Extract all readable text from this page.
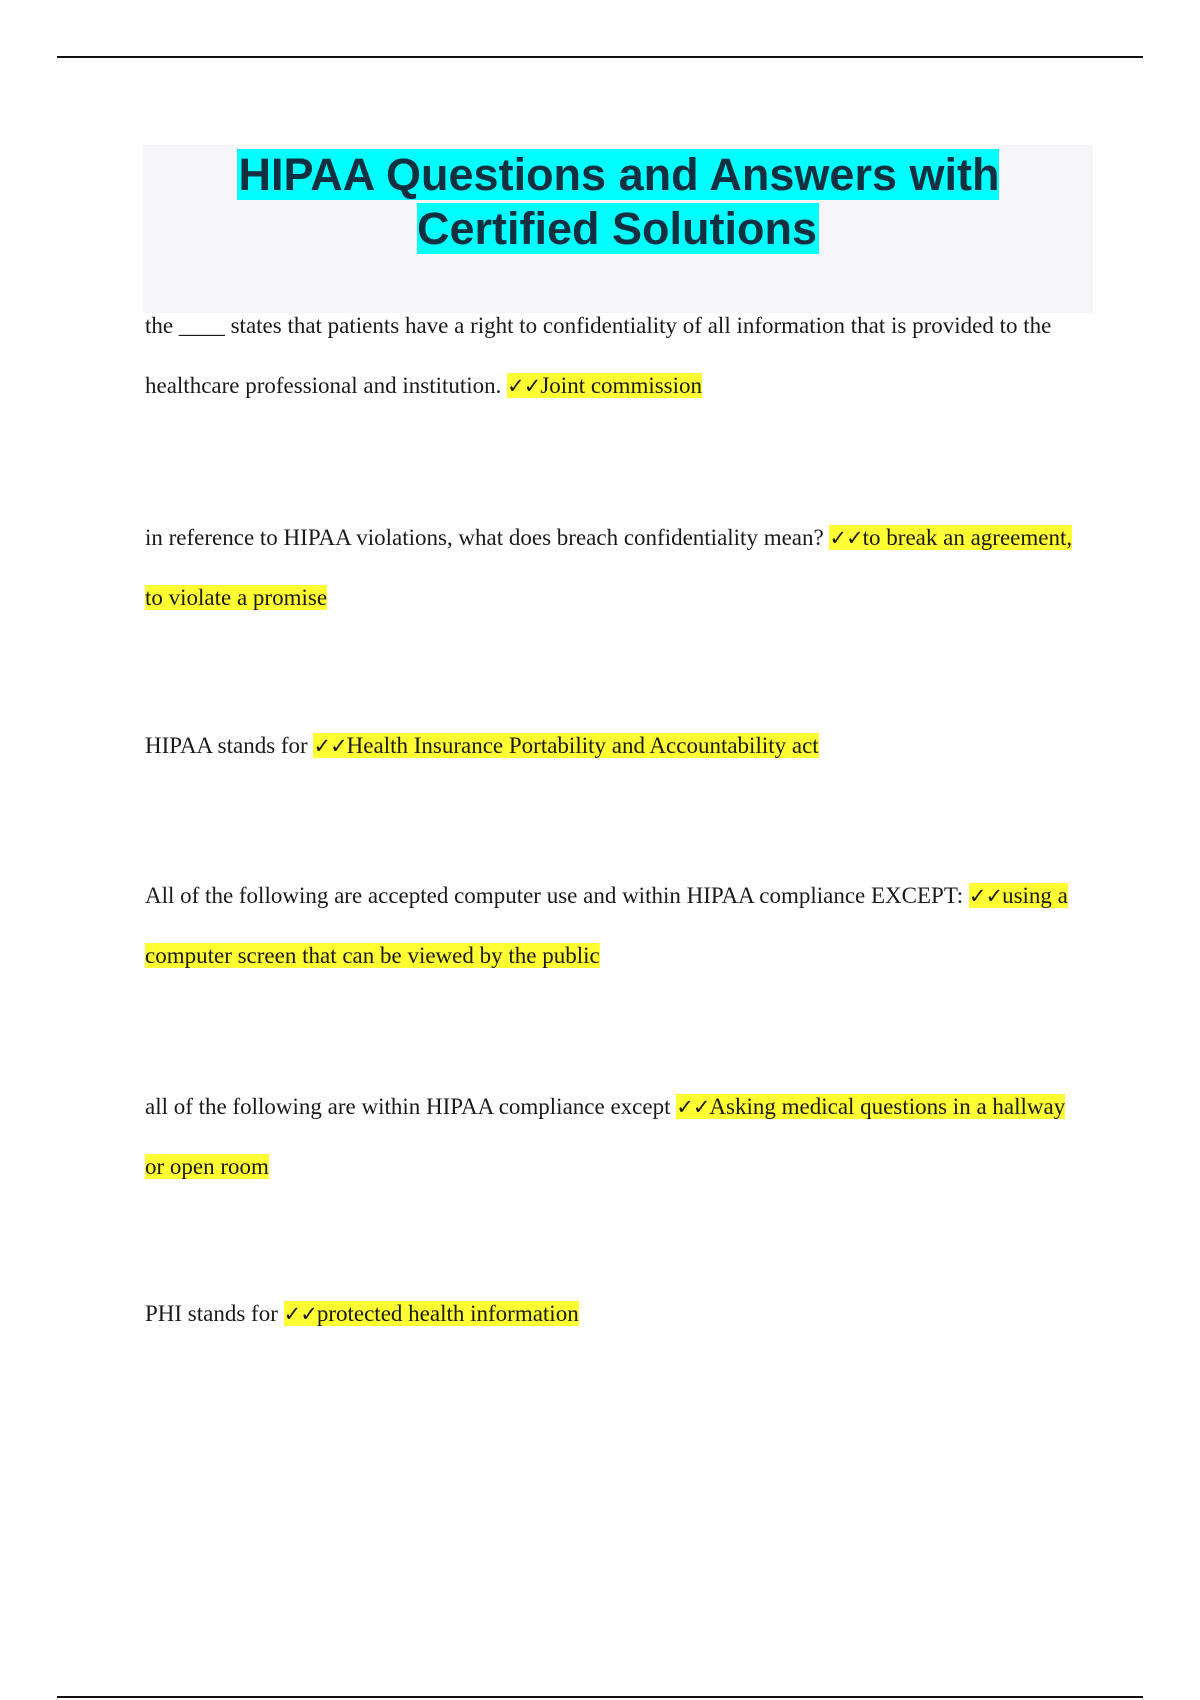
HIPAA Questions and Answers with Certified Solutions

the ____ states that patients have a right to confidentiality of all information that is provided to the healthcare professional and institution. ✓✓Joint commission

in reference to HIPAA violations, what does breach confidentiality mean? ✓✓to break an agreement, to violate a promise

HIPAA stands for ✓✓Health Insurance Portability and Accountability act

All of the following are accepted computer use and within HIPAA compliance EXCEPT: ✓✓using a computer screen that can be viewed by the public

all of the following are within HIPAA compliance except ✓✓Asking medical questions in a hallway or open room

PHI stands for ✓✓protected health information
